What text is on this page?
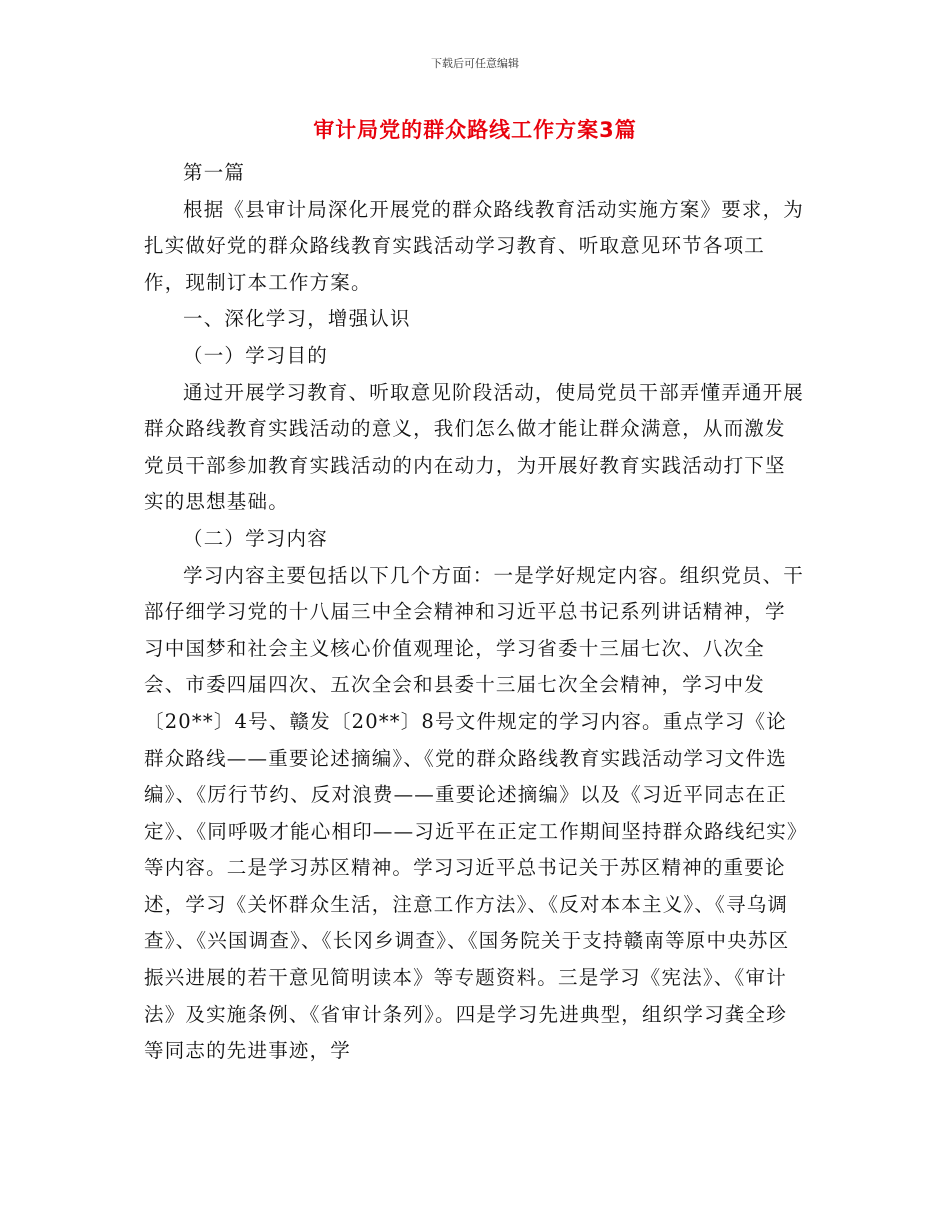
下载后可任意编辑
审计局党的群众路线工作方案3篇

第一篇

根据《县审计局深化开展党的群众路线教育活动实施方案》要求，为扎实做好党的群众路线教育实践活动学习教育、听取意见环节各项工作，现制订本工作方案。

一、深化学习，增强认识

（一）学习目的

通过开展学习教育、听取意见阶段活动，使局党员干部弄懂弄通开展群众路线教育实践活动的意义，我们怎么做才能让群众满意，从而激发党员干部参加教育实践活动的内在动力，为开展好教育实践活动打下坚实的思想基础。

（二）学习内容

学习内容主要包括以下几个方面：一是学好规定内容。组织党员、干部仔细学习党的十八届三中全会精神和习近平总书记系列讲话精神，学习中国梦和社会主义核心价值观理论，学习省委十三届七次、八次全会、市委四届四次、五次全会和县委十三届七次全会精神，学习中发〔20**〕4号、赣发〔20**〕8号文件规定的学习内容。重点学习《论群众路线——重要论述摘编》、《党的群众路线教育实践活动学习文件选编》、《厉行节约、反对浪费——重要论述摘编》以及《习近平同志在正定》、《同呼吸才能心相印——习近平在正定工作期间坚持群众路线纪实》等内容。二是学习苏区精神。学习习近平总书记关于苏区精神的重要论述，学习《关怀群众生活，注意工作方法》、《反对本本主义》、《寻乌调查》、《兴国调查》、《长冈乡调查》、《国务院关于支持赣南等原中央苏区振兴进展的若干意见简明读本》等专题资料。三是学习《宪法》、《审计法》及实施条例、《省审计条列》。四是学习先进典型，组织学习龚全珍等同志的先进事迹，学
